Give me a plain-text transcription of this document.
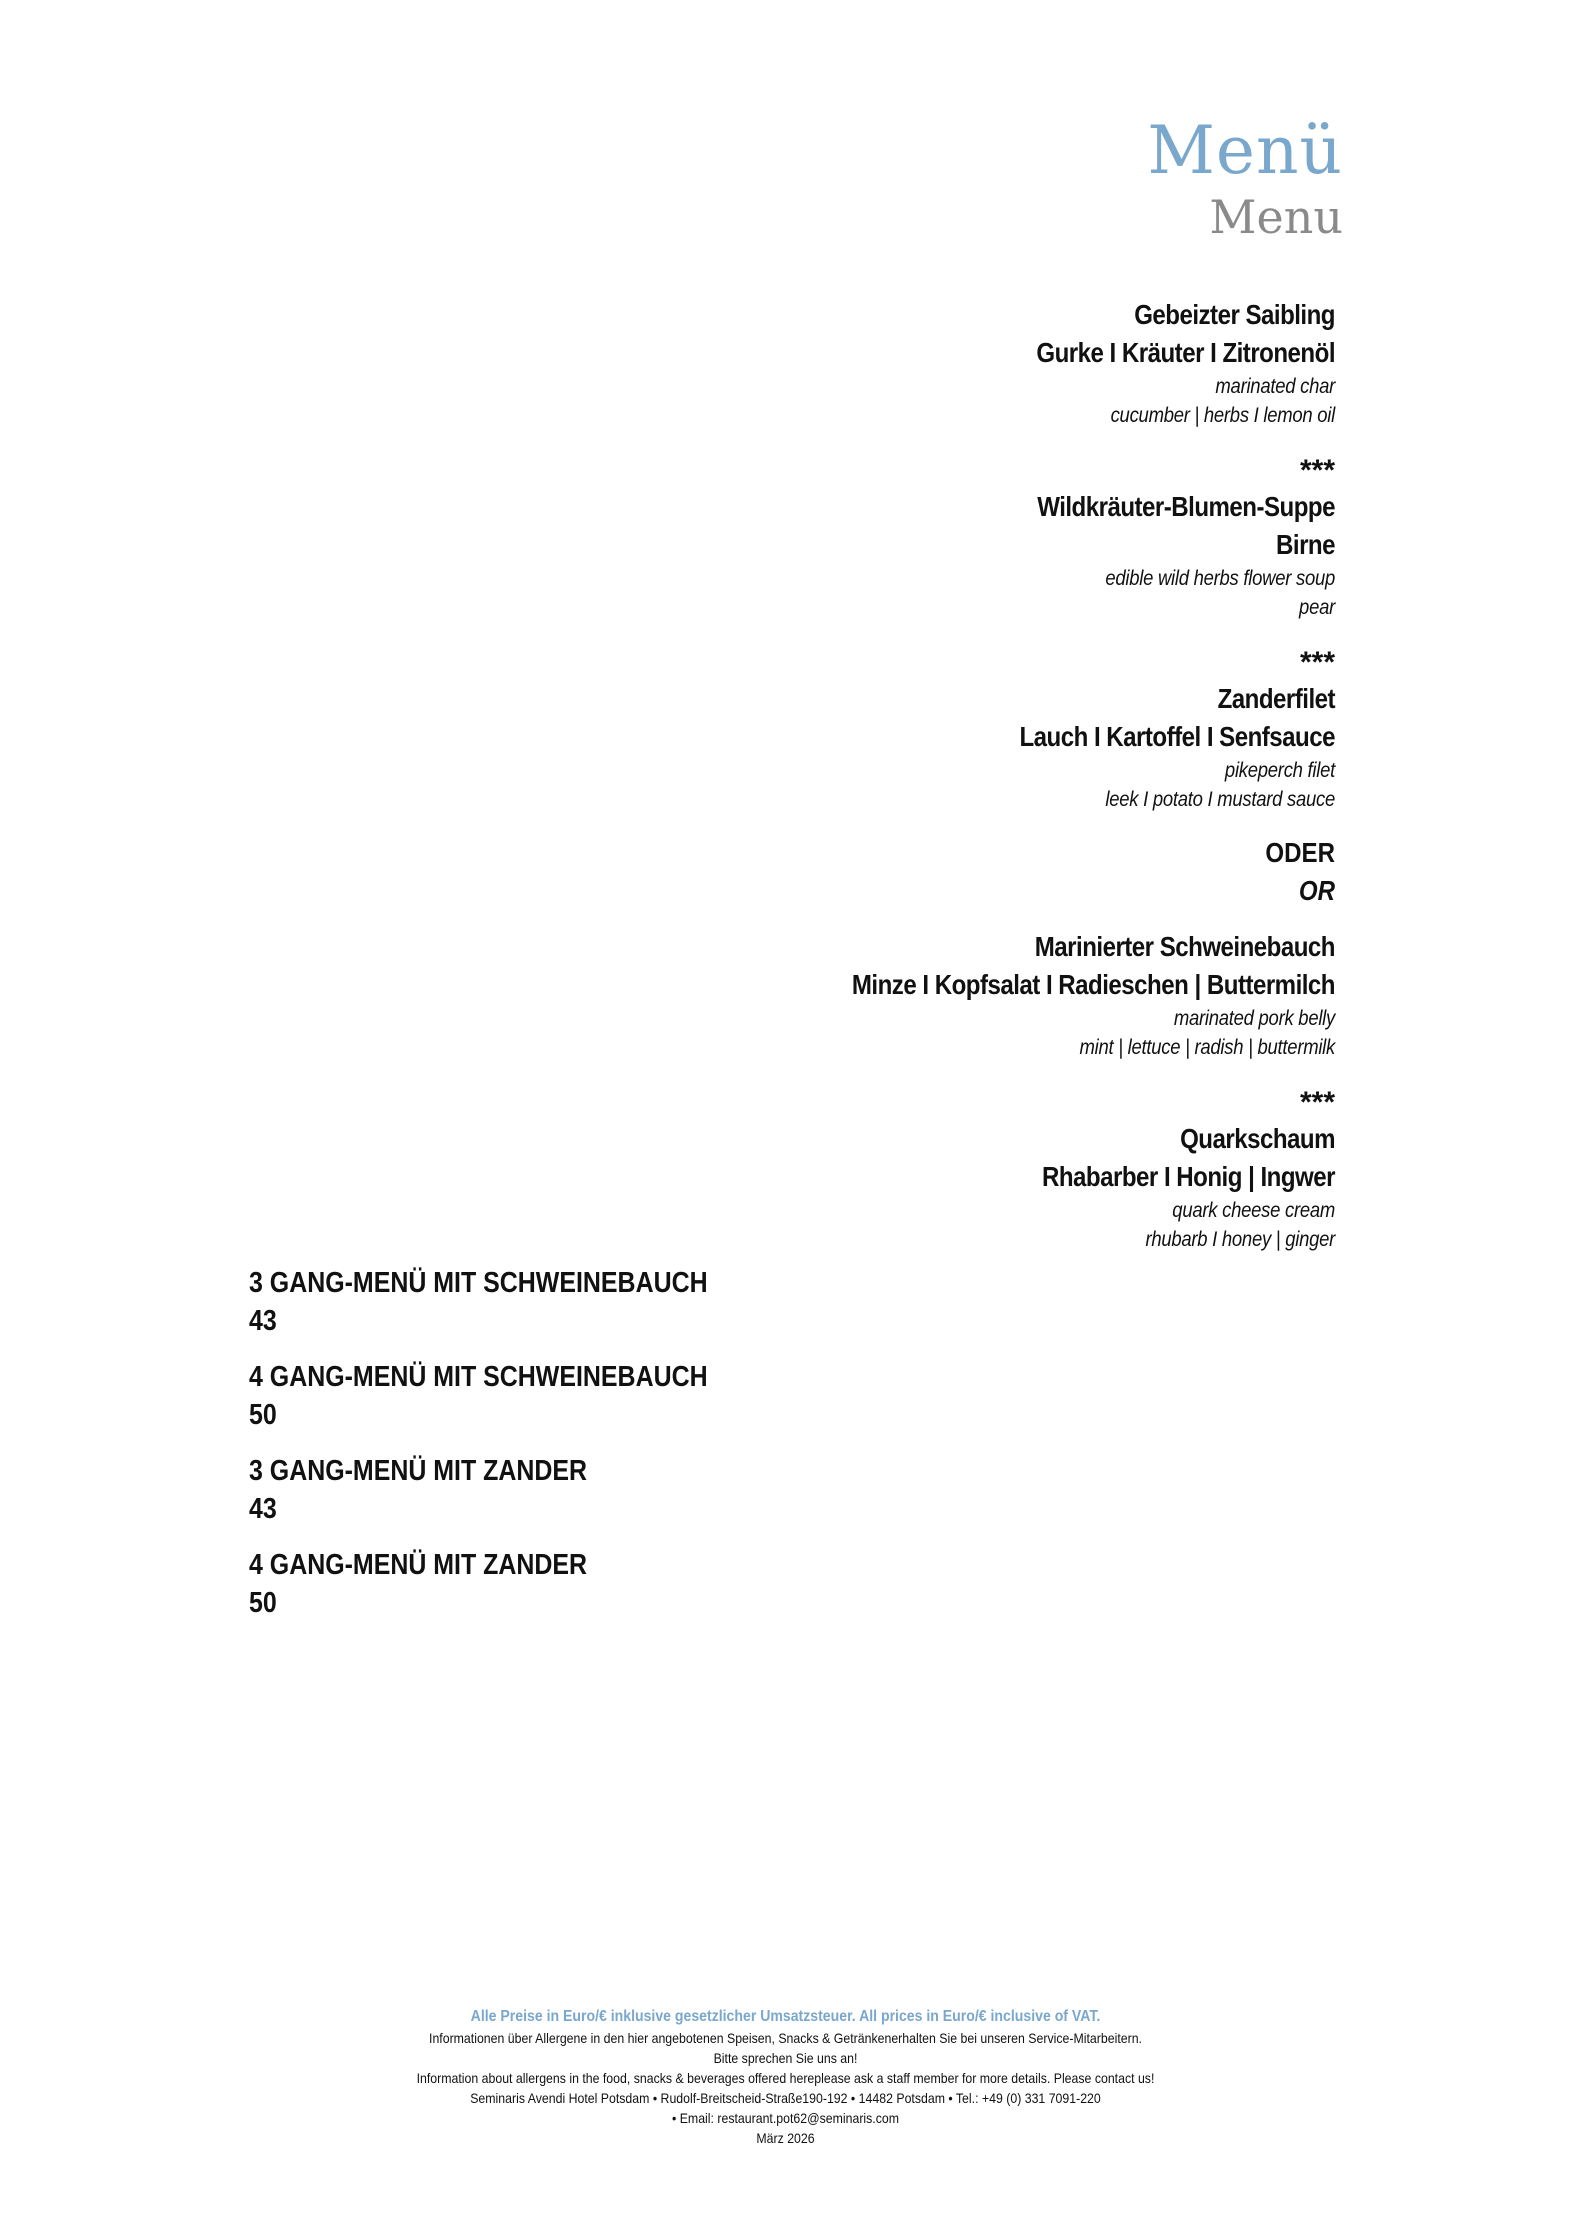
Menü
Menu
Gebeizter Saibling
Gurke I Kräuter I Zitronenöl
marinated char
cucumber | herbs I lemon oil
***
Wildkräuter-Blumen-Suppe
Birne
edible wild herbs flower soup
pear
***
Zanderfilet
Lauch I Kartoffel I Senfsauce
pikeperch filet
leek I potato I mustard sauce
ODER
OR
Marinierter Schweinebauch
Minze I Kopfsalat I Radieschen | Buttermilch
marinated pork belly
mint | lettuce | radish | buttermilk
***
Quarkschaum
Rhabarber I Honig | Ingwer
quark cheese cream
rhubarb I honey | ginger
3 GANG-MENÜ MIT SCHWEINEBAUCH
43
4 GANG-MENÜ MIT SCHWEINEBAUCH
50
3 GANG-MENÜ MIT ZANDER
43
4 GANG-MENÜ MIT ZANDER
50
Alle Preise in Euro/€ inklusive gesetzlicher Umsatzsteuer. All prices in Euro/€ inclusive of VAT.
Informationen über Allergene in den hier angebotenen Speisen, Snacks & Getränkenerhalten Sie bei unseren Service-Mitarbeitern.
Bitte sprechen Sie uns an!
Information about allergens in the food, snacks & beverages offered hereplease ask a staff member for more details. Please contact us!
Seminaris Avendi Hotel Potsdam • Rudolf-Breitscheid-Straße190-192 • 14482 Potsdam • Tel.: +49 (0) 331 7091-220
• Email: restaurant.pot62@seminaris.com
März 2026
